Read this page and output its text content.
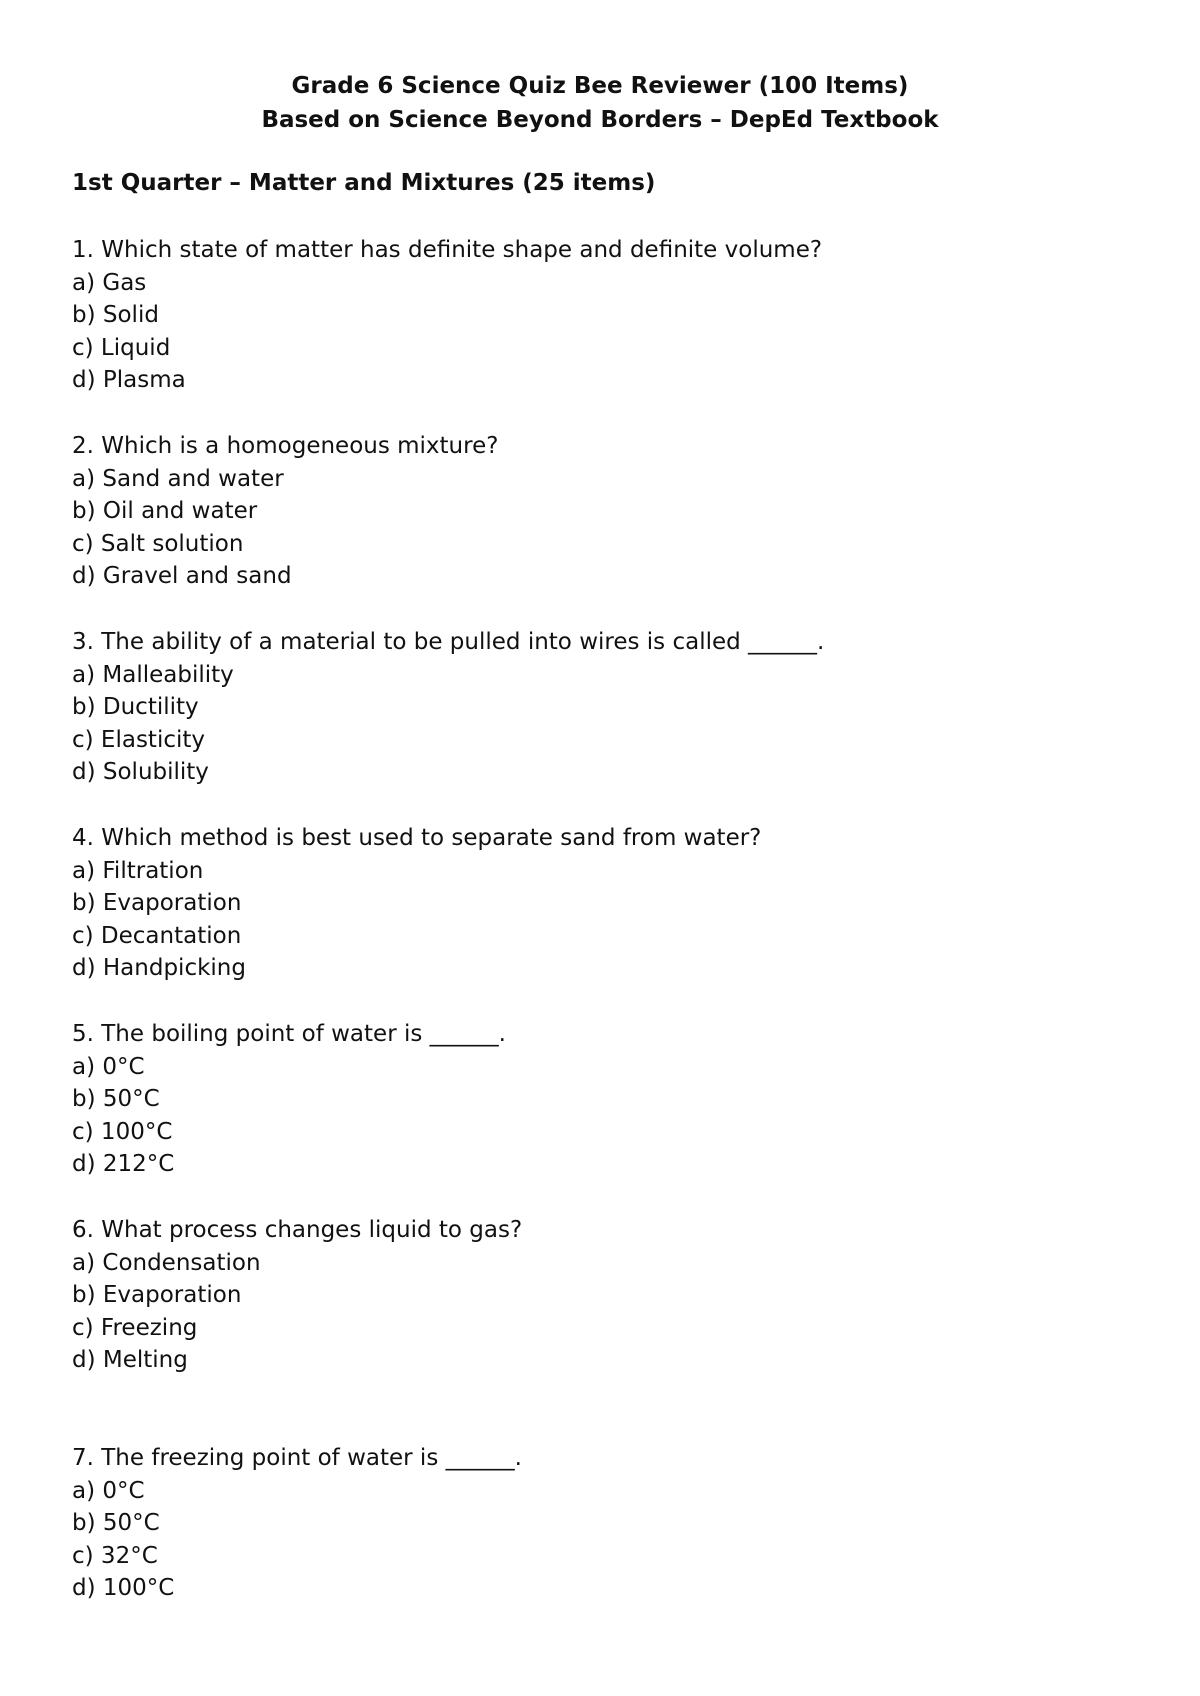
Grade 6 Science Quiz Bee Reviewer (100 Items)
Based on Science Beyond Borders – DepEd Textbook
1st Quarter – Matter and Mixtures (25 items)
1. Which state of matter has definite shape and definite volume?
a) Gas
b) Solid
c) Liquid
d) Plasma
2. Which is a homogeneous mixture?
a) Sand and water
b) Oil and water
c) Salt solution
d) Gravel and sand
3. The ability of a material to be pulled into wires is called ______.
a) Malleability
b) Ductility
c) Elasticity
d) Solubility
4. Which method is best used to separate sand from water?
a) Filtration
b) Evaporation
c) Decantation
d) Handpicking
5. The boiling point of water is ______.
a) 0°C
b) 50°C
c) 100°C
d) 212°C
6. What process changes liquid to gas?
a) Condensation
b) Evaporation
c) Freezing
d) Melting
7. The freezing point of water is ______.
a) 0°C
b) 50°C
c) 32°C
d) 100°C
